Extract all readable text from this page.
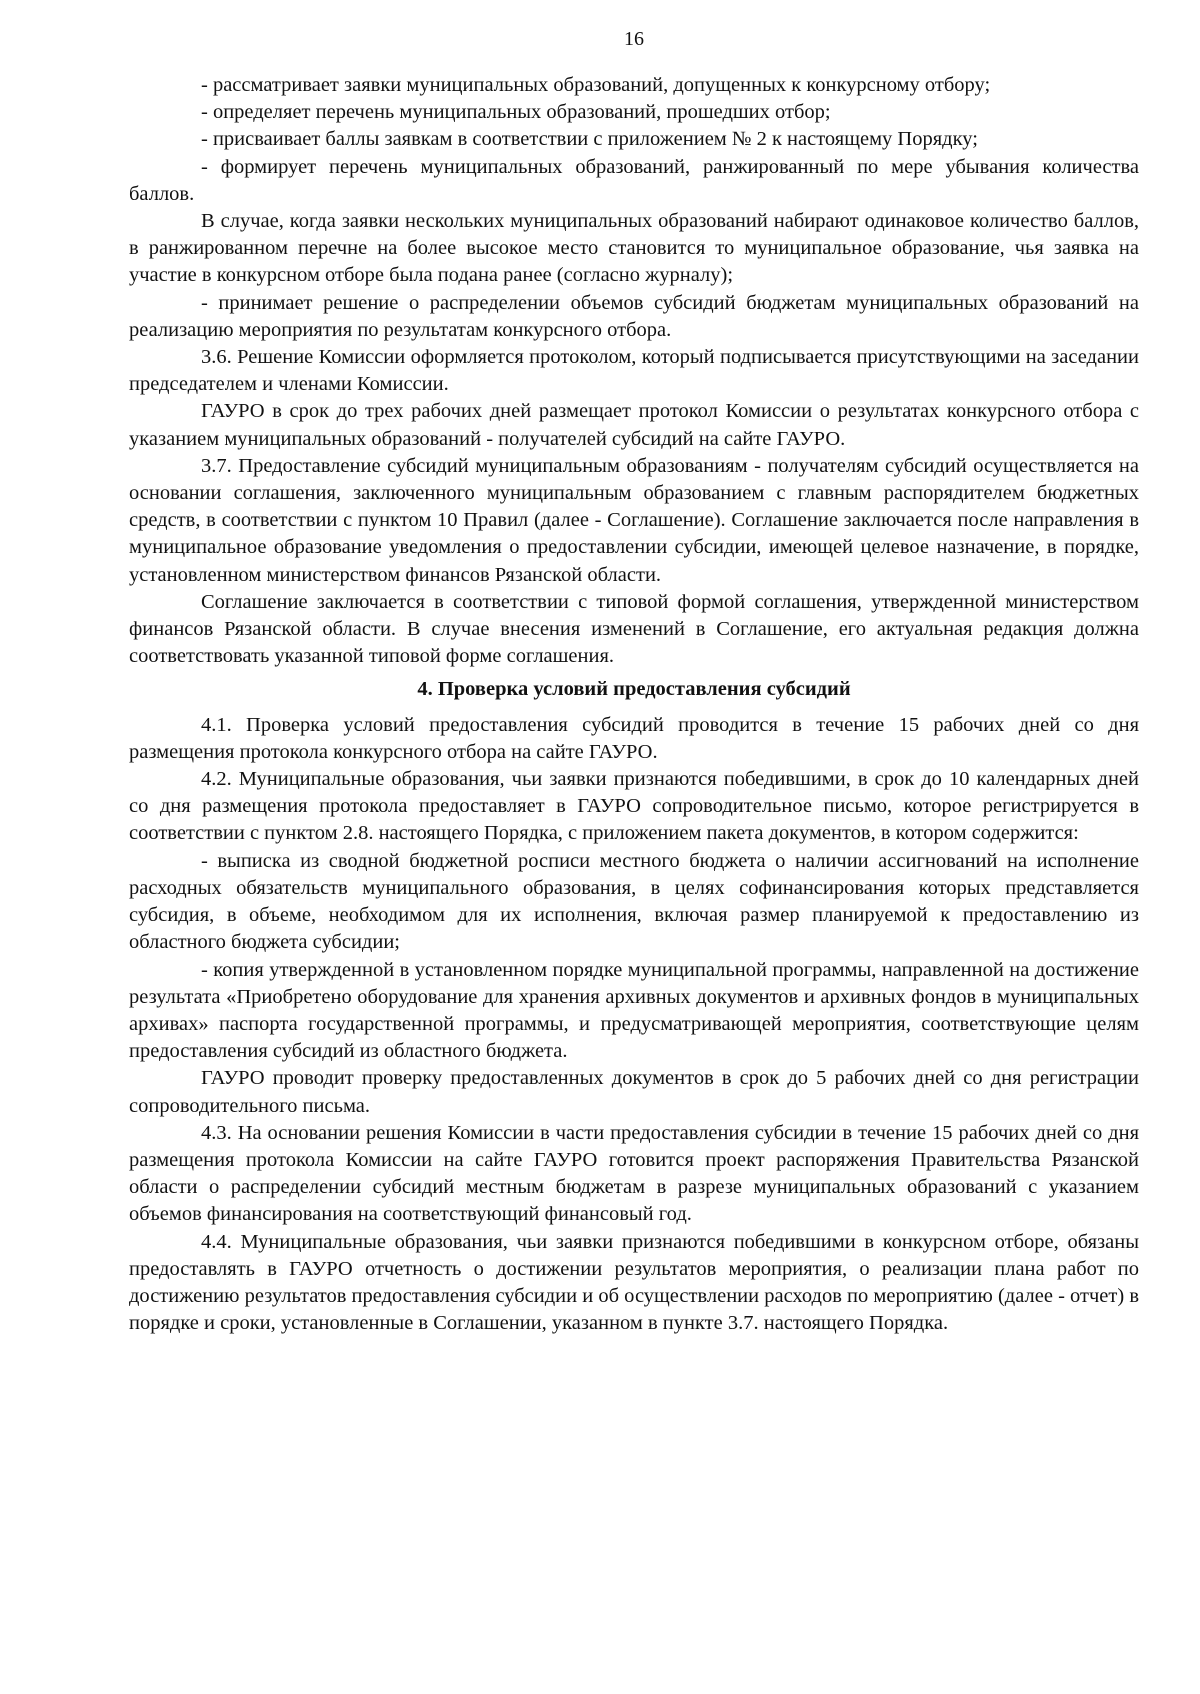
16

- рассматривает заявки муниципальных образований, допущенных к конкурсному отбору;

- определяет перечень муниципальных образований, прошедших отбор;

- присваивает баллы заявкам в соответствии с приложением № 2 к настоящему Порядку;

- формирует перечень муниципальных образований, ранжированный по мере убывания количества баллов.

В случае, когда заявки нескольких муниципальных образований набирают одинаковое количество баллов, в ранжированном перечне на более высокое место становится то муниципальное образование, чья заявка на участие в конкурсном отборе была подана ранее (согласно журналу);

- принимает решение о распределении объемов субсидий бюджетам муниципальных образований на реализацию мероприятия по результатам конкурсного отбора.

3.6. Решение Комиссии оформляется протоколом, который подписывается присутствующими на заседании председателем и членами Комиссии.

ГАУРО в срок до трех рабочих дней размещает протокол Комиссии о результатах конкурсного отбора с указанием муниципальных образований - получателей субсидий на сайте ГАУРО.

3.7. Предоставление субсидий муниципальным образованиям - получателям субсидий осуществляется на основании соглашения, заключенного муниципальным образованием с главным распорядителем бюджетных средств, в соответствии с пунктом 10 Правил (далее - Соглашение). Соглашение заключается после направления в муниципальное образование уведомления о предоставлении субсидии, имеющей целевое назначение, в порядке, установленном министерством финансов Рязанской области.

Соглашение заключается в соответствии с типовой формой соглашения, утвержденной министерством финансов Рязанской области. В случае внесения изменений в Соглашение, его актуальная редакция должна соответствовать указанной типовой форме соглашения.

4. Проверка условий предоставления субсидий

4.1. Проверка условий предоставления субсидий проводится в течение 15 рабочих дней со дня размещения протокола конкурсного отбора на сайте ГАУРО.

4.2. Муниципальные образования, чьи заявки признаются победившими, в срок до 10 календарных дней со дня размещения протокола предоставляет в ГАУРО сопроводительное письмо, которое регистрируется в соответствии с пунктом 2.8. настоящего Порядка, с приложением пакета документов, в котором содержится:

- выписка из сводной бюджетной росписи местного бюджета о наличии ассигнований на исполнение расходных обязательств муниципального образования, в целях софинансирования которых представляется субсидия, в объеме, необходимом для их исполнения, включая размер планируемой к предоставлению из областного бюджета субсидии;

- копия утвержденной в установленном порядке муниципальной программы, направленной на достижение результата «Приобретено оборудование для хранения архивных документов и архивных фондов в муниципальных архивах» паспорта государственной программы, и предусматривающей мероприятия, соответствующие целям предоставления субсидий из областного бюджета.

ГАУРО проводит проверку предоставленных документов в срок до 5 рабочих дней со дня регистрации сопроводительного письма.

4.3. На основании решения Комиссии в части предоставления субсидии в течение 15 рабочих дней со дня размещения протокола Комиссии на сайте ГАУРО готовится проект распоряжения Правительства Рязанской области о распределении субсидий местным бюджетам в разрезе муниципальных образований с указанием объемов финансирования на соответствующий финансовый год.

4.4. Муниципальные образования, чьи заявки признаются победившими в конкурсном отборе, обязаны предоставлять в ГАУРО отчетность о достижении результатов мероприятия, о реализации плана работ по достижению результатов предоставления субсидии и об осуществлении расходов по мероприятию (далее - отчет) в порядке и сроки, установленные в Соглашении, указанном в пункте 3.7. настоящего Порядка.
